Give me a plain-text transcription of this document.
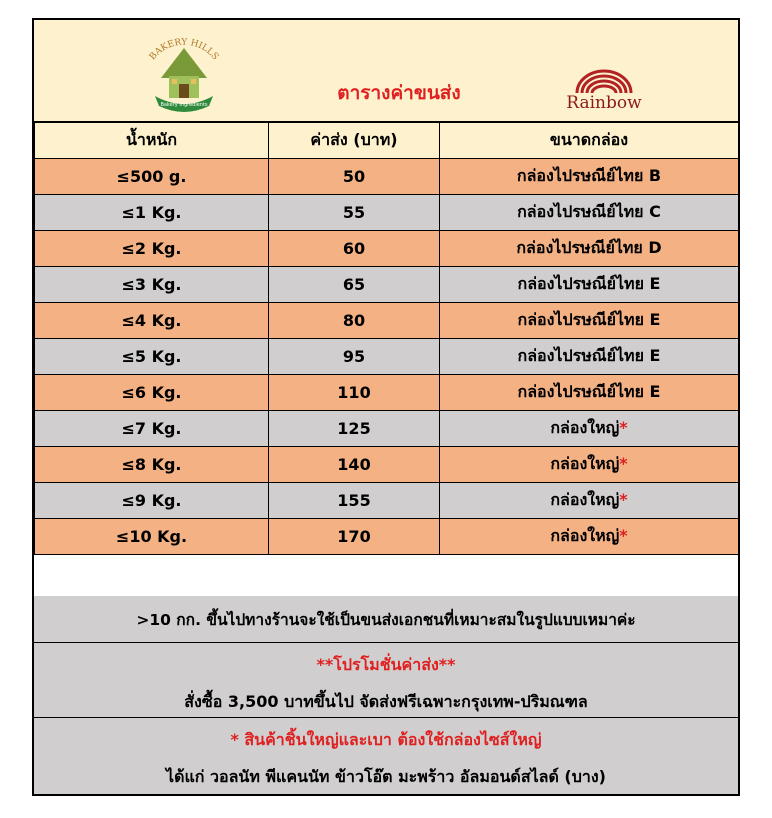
BAKERY HILLS
Bakery Ingredients
ตารางค่าขนส่ง	Rainbow
น้ำหนัก	ค่าส่ง (บาท)	ขนาดกล่อง
≤500 g.	50	กล่องไปรษณีย์ไทย B
≤1 Kg.	55	กล่องไปรษณีย์ไทย C
≤2 Kg.	60	กล่องไปรษณีย์ไทย D
≤3 Kg.	65	กล่องไปรษณีย์ไทย E
≤4 Kg.	80	กล่องไปรษณีย์ไทย E
≤5 Kg.	95	กล่องไปรษณีย์ไทย E
≤6 Kg.	110	กล่องไปรษณีย์ไทย E
≤7 Kg.	125	กล่องใหญ่*
≤8 Kg.	140	กล่องใหญ่*
≤9 Kg.	155	กล่องใหญ่*
≤10 Kg.	170	กล่องใหญ่*
>10 กก. ขึ้นไปทางร้านจะใช้เป็นขนส่งเอกชนที่เหมาะสมในรูปแบบเหมาค่ะ
**โปรโมชั่นค่าส่ง**
สั่งซื้อ 3,500 บาทขึ้นไป จัดส่งฟรีเฉพาะกรุงเทพ-ปริมณฑล
* สินค้าชิ้นใหญ่และเบา ต้องใช้กล่องไซส์ใหญ่
ได้แก่ วอลนัท พีแคนนัท ข้าวโอ๊ต มะพร้าว อัลมอนด์สไลด์ (บาง)
